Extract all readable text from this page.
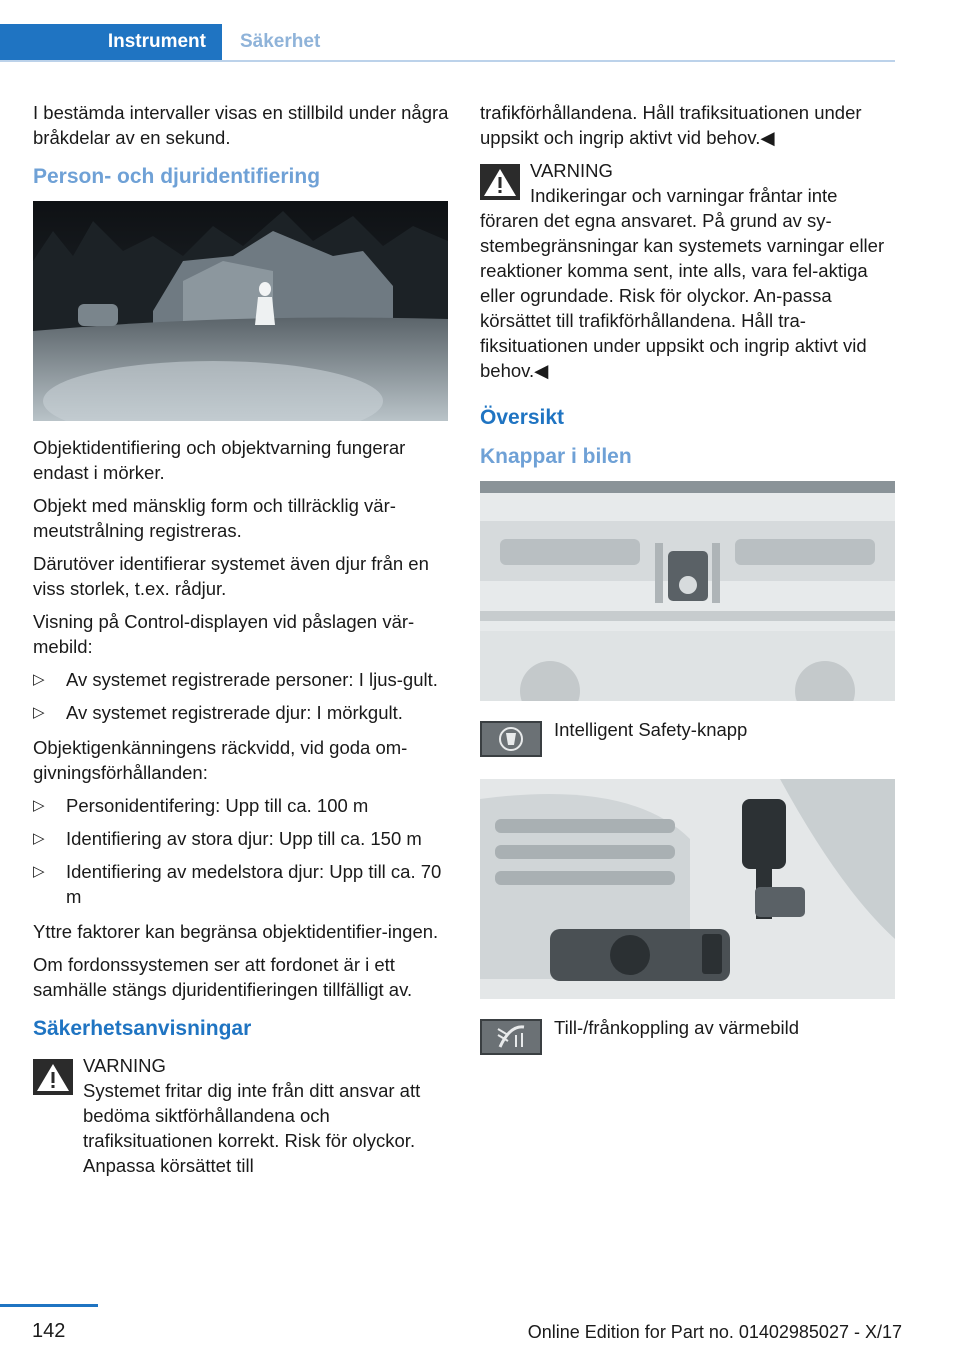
Instrument	Säkerhet

I bestämda intervaller visas en stillbild under några bråkdelar av en sekund.

Person- och djuridentifiering

Objektidentifiering och objektvarning fungerar endast i mörker.

Objekt med mänsklig form och tillräcklig vär‐meutstrålning registreras.

Därutöver identifierar systemet även djur från en viss storlek, t.ex. rådjur.

Visning på Control-displayen vid påslagen vär‐mebild:

▷ Av systemet registrerade personer: I ljus‐gult.
▷ Av systemet registrerade djur: I mörkgult.

Objektigenkänningens räckvidd, vid goda om‐givningsförhållanden:

▷ Personidentifering: Upp till ca. 100 m
▷ Identifiering av stora djur: Upp till ca. 150 m
▷ Identifiering av medelstora djur: Upp till ca. 70 m

Yttre faktorer kan begränsa objektidentifier‐ingen.

Om fordonssystemen ser att fordonet är i ett samhälle stängs djuridentifieringen tillfälligt av.

Säkerhetsanvisningar
VARNING
Systemet fritar dig inte från ditt ansvar att bedöma siktförhållandena och trafiksituationen korrekt. Risk för olyckor. Anpassa körsättet till

trafikförhållandena. Håll trafiksituationen under uppsikt och ingrip aktivt vid behov.◀

VARNING
Indikeringar och varningar fråntar inte

föraren det egna ansvaret. På grund av sy‐stembegränsningar kan systemets varningar eller reaktioner komma sent, inte alls, vara fel‐aktiga eller ogrundade. Risk för olyckor. An‐passa körsättet till trafikförhållandena. Håll tra‐fiksituationen under uppsikt och ingrip aktivt vid behov.◀

Översikt
Knappar i bilen
Intelligent Safety-knapp
Till-/frånkoppling av värmebild
142	Online Edition for Part no. 01402985027 - X/17
